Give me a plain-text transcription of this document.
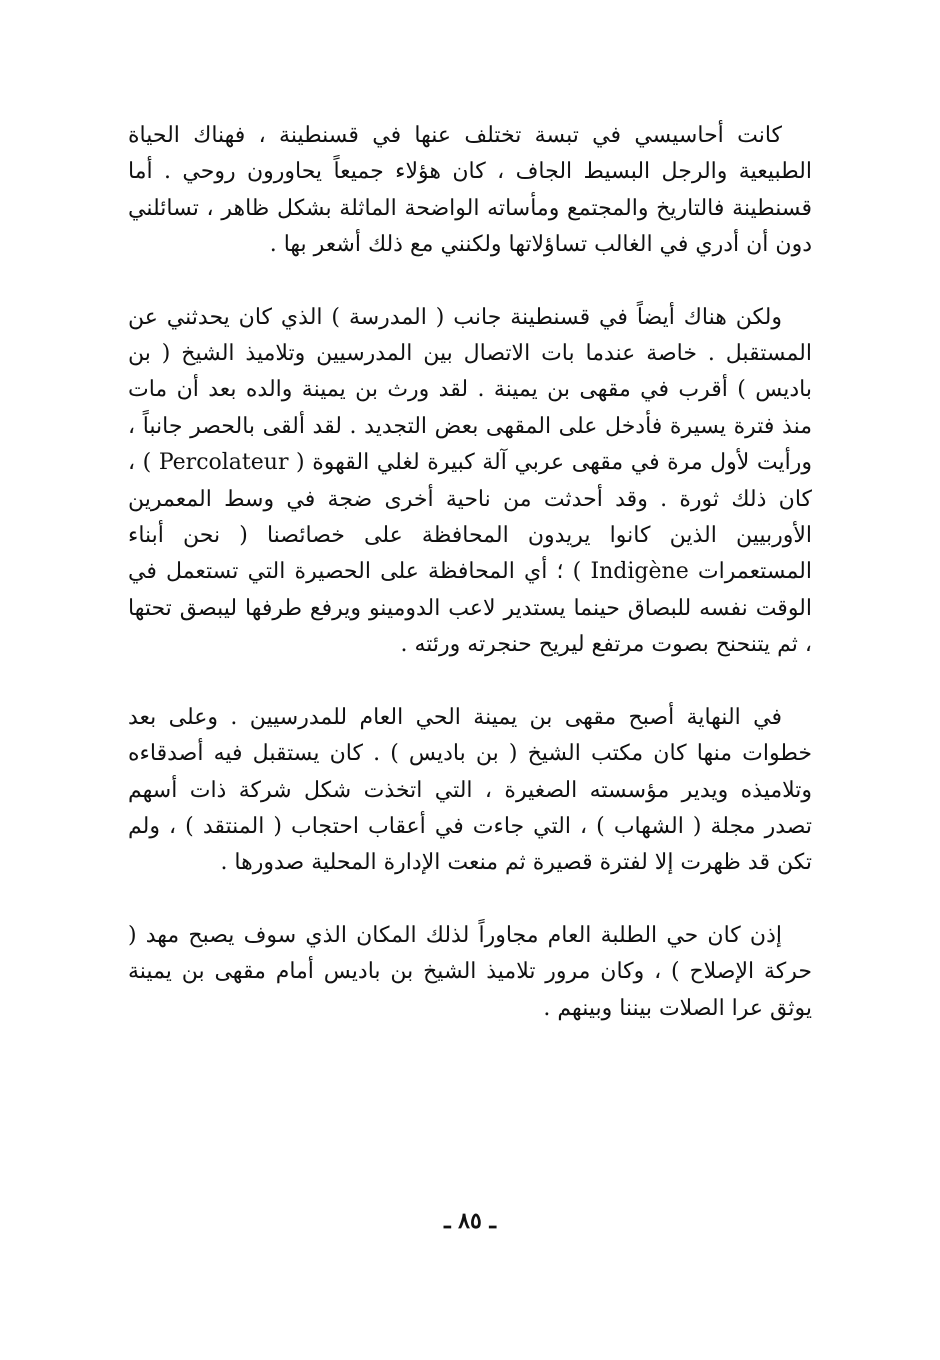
كانت أحاسيسي في تبسة تختلف عنها في قسنطينة ، فهناك الحياة الطبيعية والرجل البسيط الجاف ، كان هؤلاء جميعاً يحاورون روحي . أما قسنطينة فالتاريخ والمجتمع ومأساته الواضحة الماثلة بشكل ظاهر ، تسائلني دون أن أدري في الغالب تساؤلاتها ولكنني مع ذلك أشعر بها .

ولكن هناك أيضاً في قسنطينة جانب ( المدرسة ) الذي كان يحدثني عن المستقبل . خاصة عندما بات الاتصال بين المدرسيين وتلاميذ الشيخ ( بن باديس ) أقرب في مقهى بن يمينة . لقد ورث بن يمينة والده بعد أن مات منذ فترة يسيرة فأدخل على المقهى بعض التجديد . لقد ألقى بالحصر جانباً ، ورأيت لأول مرة في مقهى عربي آلة كبيرة لغلي القهوة ( Percolateur ) ، كان ذلك ثورة . وقد أحدثت من ناحية أخرى ضجة في وسط المعمرين الأوربيين الذين كانوا يريدون المحافظة على خصائصنا ( نحن أبناء المستعمرات Indigène ) ؛ أي المحافظة على الحصيرة التي تستعمل في الوقت نفسه للبصاق حينما يستدير لاعب الدومينو ويرفع طرفها ليبصق تحتها ، ثم يتنحنح بصوت مرتفع ليريح حنجرته ورئته .

في النهاية أصبح مقهى بن يمينة الحي العام للمدرسيين . وعلى بعد خطوات منها كان مكتب الشيخ ( بن باديس ) . كان يستقبل فيه أصدقاءه وتلاميذه ويدير مؤسسته الصغيرة ، التي اتخذت شكل شركة ذات أسهم تصدر مجلة ( الشهاب ) ، التي جاءت في أعقاب احتجاب ( المنتقد ) ، ولم تكن قد ظهرت إلا لفترة قصيرة ثم منعت الإدارة المحلية صدورها .

إذن كان حي الطلبة العام مجاوراً لذلك المكان الذي سوف يصبح مهد ( حركة الإصلاح ) ، وكان مرور تلاميذ الشيخ بن باديس أمام مقهى بن يمينة يوثق عرا الصلات بيننا وبينهم .

ـ ٨٥ ـ
